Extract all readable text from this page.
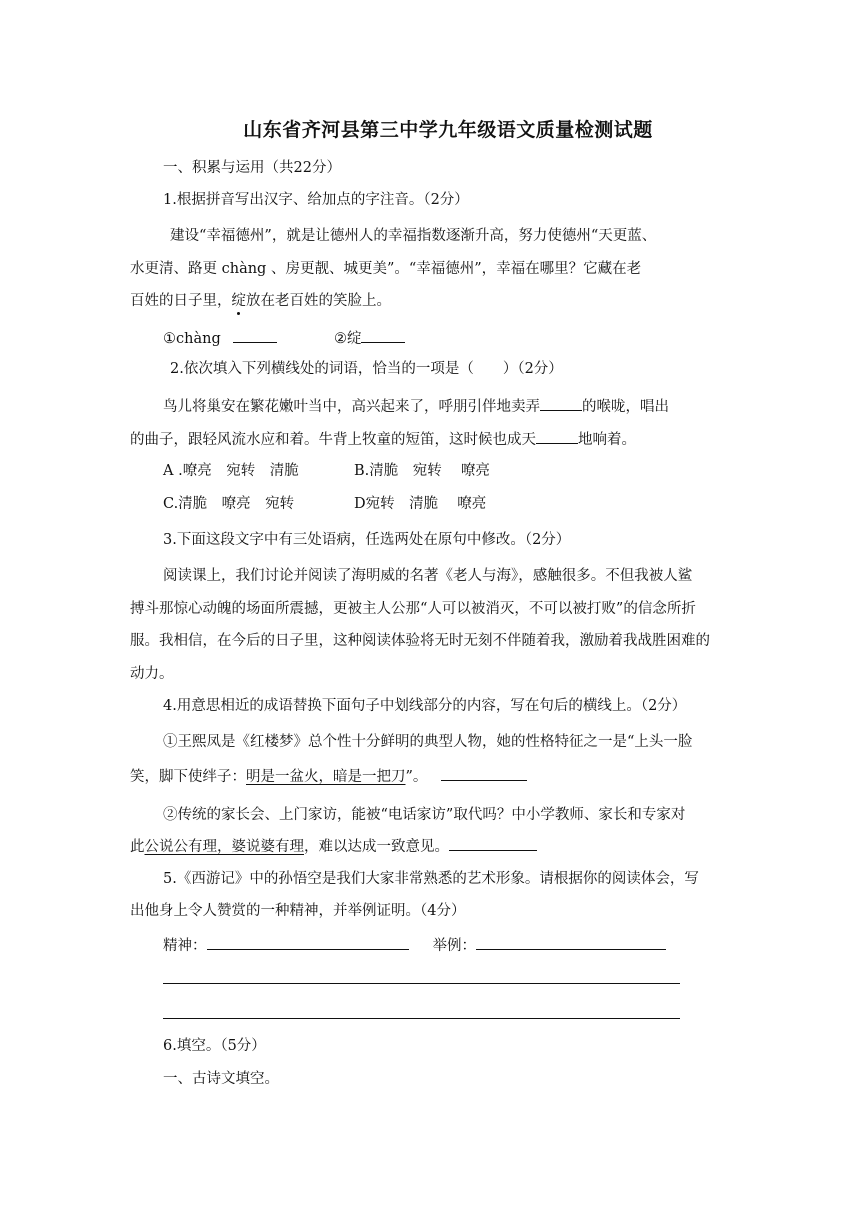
山东省齐河县第三中学九年级语文质量检测试题
一、积累与运用（共22分）
1.根据拼音写出汉字、给加点的字注音。（2分）
建设“幸福德州”，就是让德州人的幸福指数逐渐升高，努力使德州“天更蓝、
水更清、路更 chàng 、房更靓、城更美”。“幸福德州”，幸福在哪里？它藏在老
百姓的日子里，绽放在老百姓的笑脸上。
①chàng	②绽
2.依次填入下列横线处的词语，恰当的一项是（　　）（2分）
鸟儿将巢安在繁花嫩叶当中，高兴起来了，呼朋引伴地卖弄	的喉咙，唱出
的曲子，跟轻风流水应和着。牛背上牧童的短笛，这时候也成天	地响着。
A .嘹亮　宛转　清脆	B.清脆　宛转　 嘹亮
C.清脆　嘹亮　宛转	D宛转　清脆　 嘹亮
3.下面这段文字中有三处语病，任选两处在原句中修改。（2分）
阅读课上，我们讨论并阅读了海明威的名著《老人与海》，感触很多。不但我被人鲨
搏斗那惊心动魄的场面所震撼，更被主人公那“人可以被消灭，不可以被打败”的信念所折
服。我相信，在今后的日子里，这种阅读体验将无时无刻不伴随着我，激励着我战胜困难的
动力。
4.用意思相近的成语替换下面句子中划线部分的内容，写在句后的横线上。（2分）
①王熙凤是《红楼梦》总个性十分鲜明的典型人物，她的性格特征之一是“上头一脸
笑，脚下使绊子：明是一盆火，暗是一把刀”。
②传统的家长会、上门家访，能被“电话家访”取代吗？中小学教师、家长和专家对
此公说公有理，婆说婆有理，难以达成一致意见。
5.《西游记》中的孙悟空是我们大家非常熟悉的艺术形象。请根据你的阅读体会，写
出他身上令人赞赏的一种精神，并举例证明。（4分）
精神：	举例：
6.填空。（5分）
一、古诗文填空。
